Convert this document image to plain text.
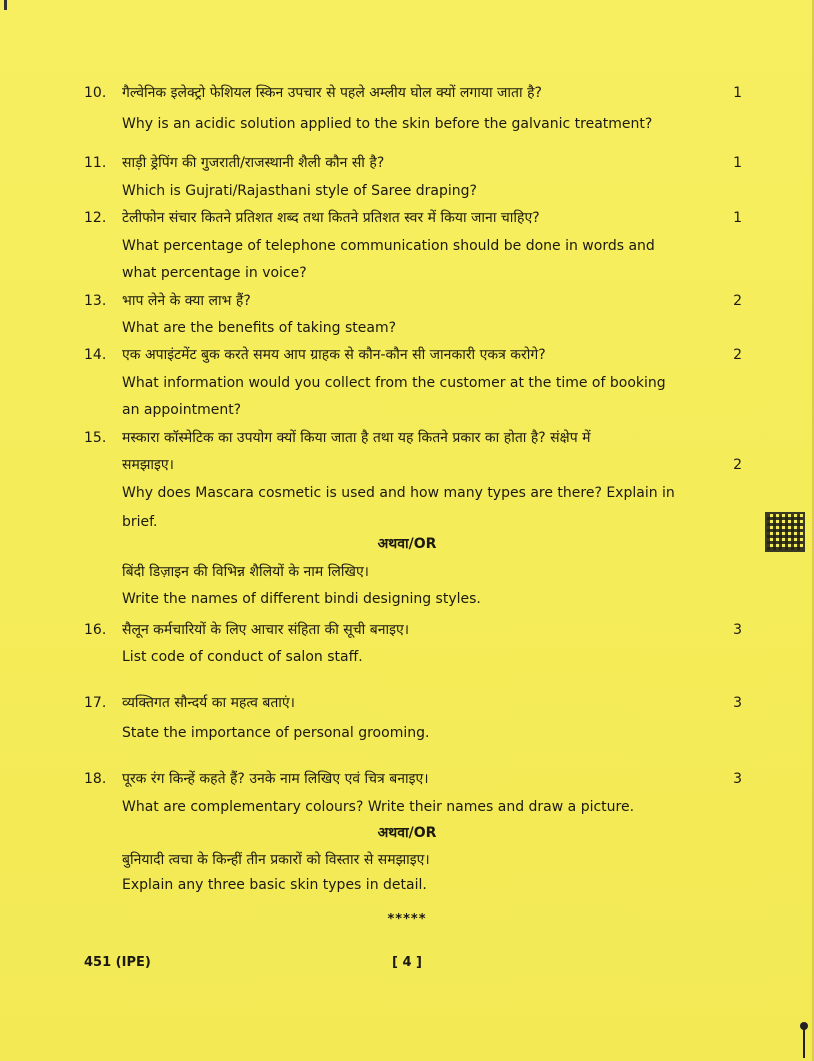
10.	गैल्वेनिक इलेक्ट्रो फेशियल स्किन उपचार से पहले अम्लीय घोल क्यों लगाया जाता है?	1
Why is an acidic solution applied to the skin before the galvanic treatment?
11.	साड़ी ड्रेपिंग की गुजराती/राजस्थानी शैली कौन सी है?	1
Which is Gujrati/Rajasthani style of Saree draping?
12.	टेलीफोन संचार कितने प्रतिशत शब्द तथा कितने प्रतिशत स्वर में किया जाना चाहिए?	1
What percentage of telephone communication should be done in words and
what percentage in voice?
13.	भाप लेने के क्या लाभ हैं?	2
What are the benefits of taking steam?
14.	एक अपाइंटमेंट बुक करते समय आप ग्राहक से कौन-कौन सी जानकारी एकत्र करोगे?	2
What information would you collect from the customer at the time of booking
an appointment?
15.	मस्कारा कॉस्मेटिक का उपयोग क्यों किया जाता है तथा यह कितने प्रकार का होता है? संक्षेप में
समझाइए।	2
Why does Mascara cosmetic is used and how many types are there? Explain in
brief.
अथवा/OR
बिंदी डिज़ाइन की विभिन्न शैलियों के नाम लिखिए।
Write the names of different bindi designing styles.
16.	सैलून कर्मचारियों के लिए आचार संहिता की सूची बनाइए।	3
List code of conduct of salon staff.
17.	व्यक्तिगत सौन्दर्य का महत्व बताएं।	3
State the importance of personal grooming.
18.	पूरक रंग किन्हें कहते हैं? उनके नाम लिखिए एवं चित्र बनाइए।	3
What are complementary colours? Write their names and draw a picture.
अथवा/OR
बुनियादी त्वचा के किन्हीं तीन प्रकारों को विस्तार से समझाइए।
Explain any three basic skin types in detail.
*****
451 (IPE)	[ 4 ]
